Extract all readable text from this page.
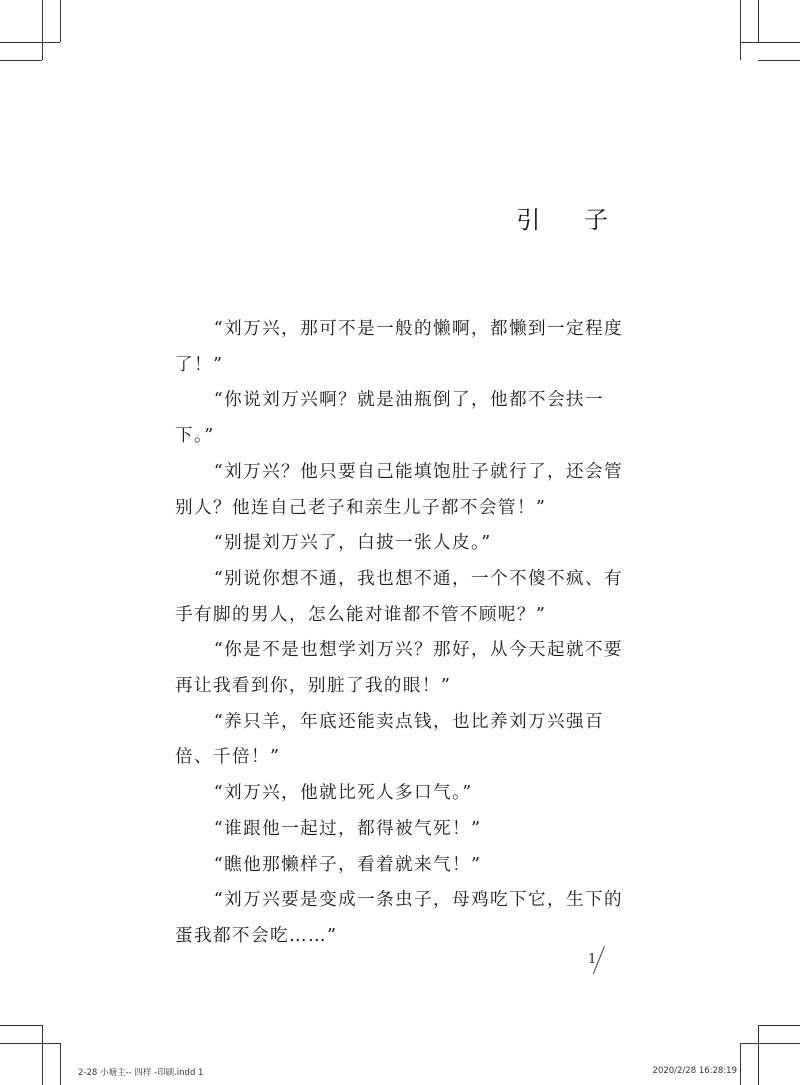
引 子

“刘万兴，那可不是一般的懒啊，都懒到一定程度了！”

“你说刘万兴啊？就是油瓶倒了，他都不会扶一下。”

“刘万兴？他只要自己能填饱肚子就行了，还会管别人？他连自己老子和亲生儿子都不会管！”

“别提刘万兴了，白披一张人皮。”

“别说你想不通，我也想不通，一个不傻不疯、有手有脚的男人，怎么能对谁都不管不顾呢？”

“你是不是也想学刘万兴？那好，从今天起就不要再让我看到你，别脏了我的眼！”

“养只羊，年底还能卖点钱，也比养刘万兴强百倍、千倍！”

“刘万兴，他就比死人多口气。”

“谁跟他一起过，都得被气死！”

“瞧他那懒样子，看着就来气！”

“刘万兴要是变成一条虫子，母鸡吃下它，生下的蛋我都不会吃……”

1
2-28 小塘主-- 四样 -印刷.indd 1	2020/2/28 16:28:19
